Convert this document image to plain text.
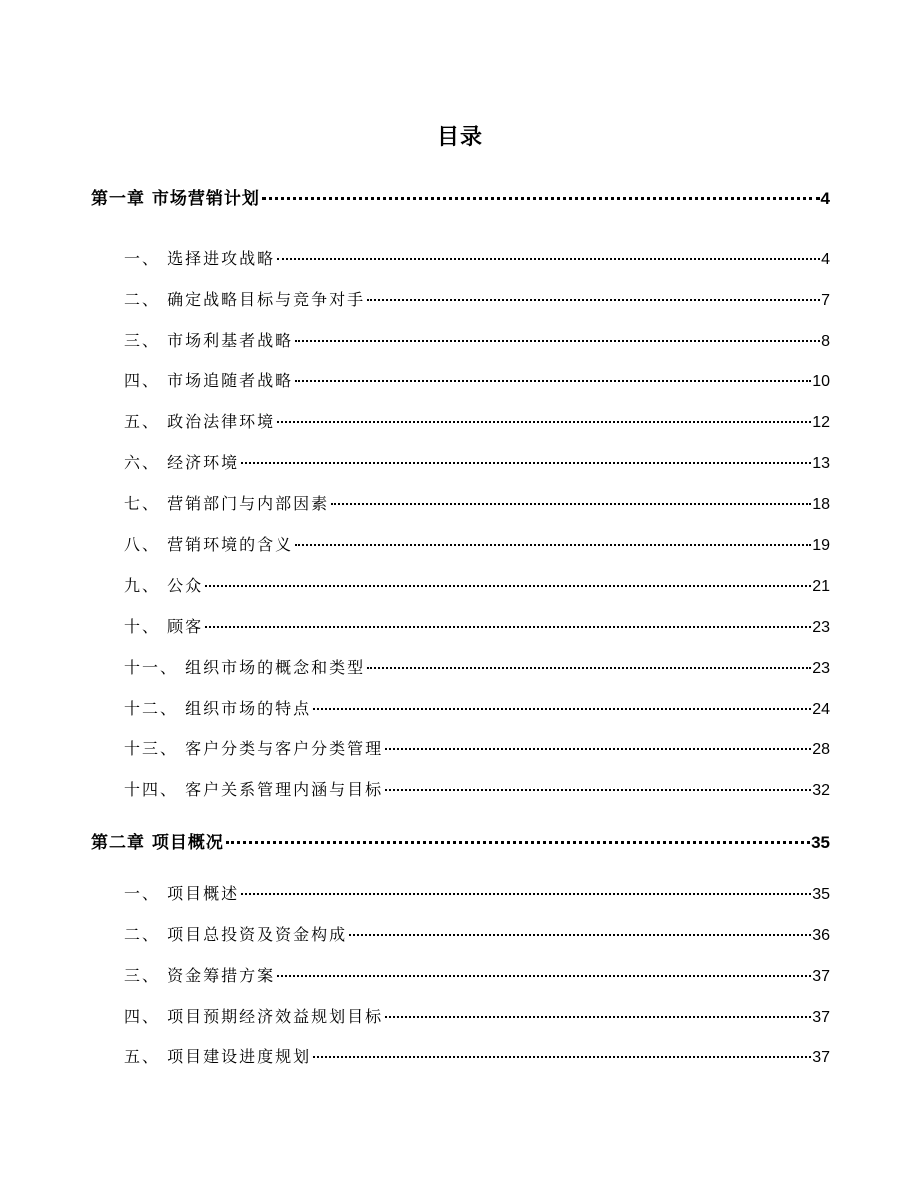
目录
第一章 市场营销计划	4
一、 选择进攻战略	4
二、 确定战略目标与竞争对手	7
三、 市场利基者战略	8
四、 市场追随者战略	10
五、 政治法律环境	12
六、 经济环境	13
七、 营销部门与内部因素	18
八、 营销环境的含义	19
九、 公众	21
十、 顾客	23
十一、 组织市场的概念和类型	23
十二、 组织市场的特点	24
十三、 客户分类与客户分类管理	28
十四、 客户关系管理内涵与目标	32
第二章 项目概况	35
一、 项目概述	35
二、 项目总投资及资金构成	36
三、 资金筹措方案	37
四、 项目预期经济效益规划目标	37
五、 项目建设进度规划	37
